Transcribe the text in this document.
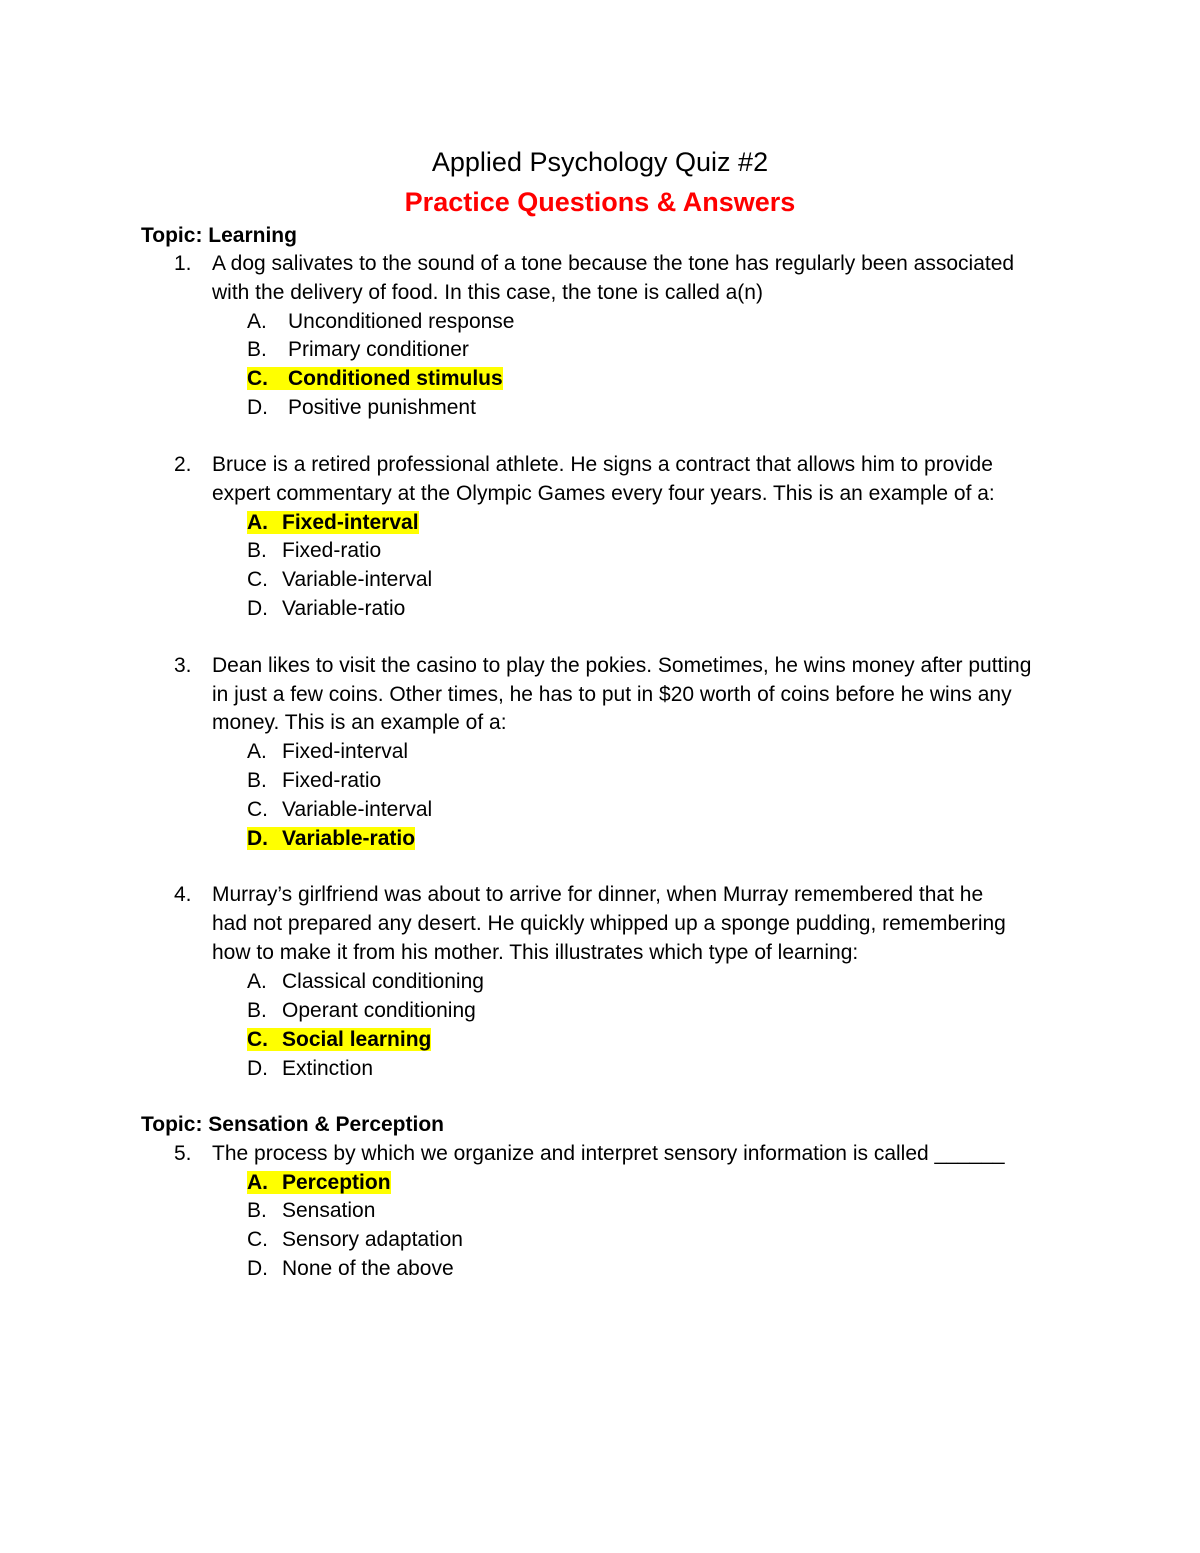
Applied Psychology Quiz #2
Practice Questions & Answers
Topic: Learning
1. A dog salivates to the sound of a tone because the tone has regularly been associated
with the delivery of food. In this case, the tone is called a(n)
A. Unconditioned response
B. Primary conditioner
C. Conditioned stimulus
D. Positive punishment
2. Bruce is a retired professional athlete. He signs a contract that allows him to provide
expert commentary at the Olympic Games every four years. This is an example of a:
A. Fixed-interval
B. Fixed-ratio
C. Variable-interval
D. Variable-ratio
3. Dean likes to visit the casino to play the pokies. Sometimes, he wins money after putting
in just a few coins. Other times, he has to put in $20 worth of coins before he wins any
money. This is an example of a:
A. Fixed-interval
B. Fixed-ratio
C. Variable-interval
D. Variable-ratio
4. Murray’s girlfriend was about to arrive for dinner, when Murray remembered that he
had not prepared any desert. He quickly whipped up a sponge pudding, remembering
how to make it from his mother. This illustrates which type of learning:
A. Classical conditioning
B. Operant conditioning
C. Social learning
D. Extinction
Topic: Sensation & Perception
5. The process by which we organize and interpret sensory information is called ______
A. Perception
B. Sensation
C. Sensory adaptation
D. None of the above
